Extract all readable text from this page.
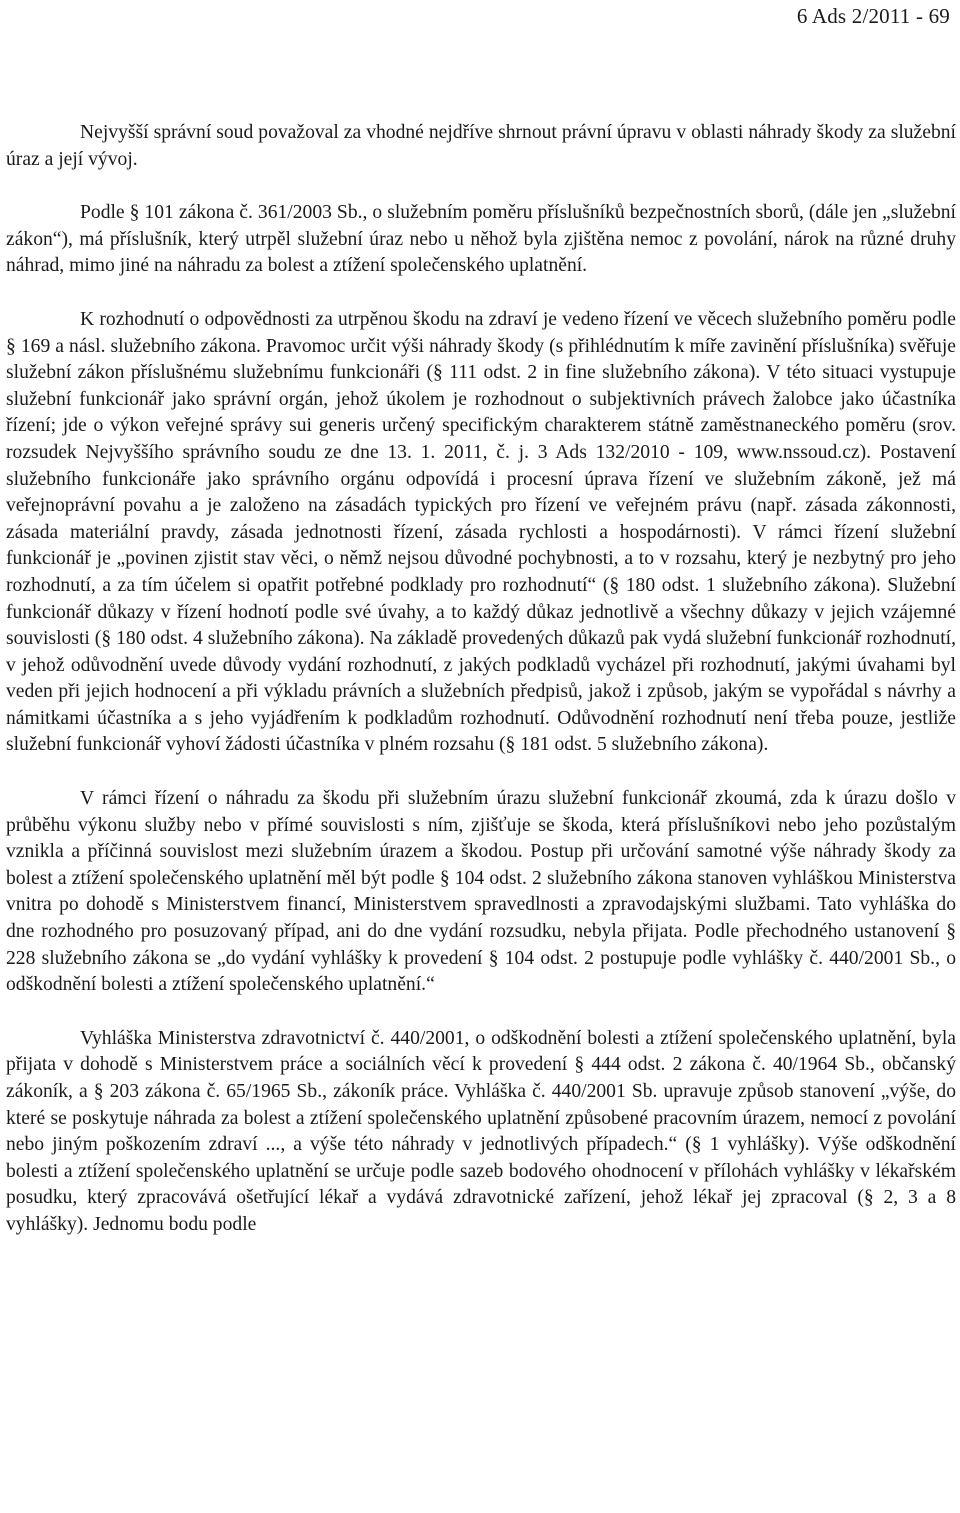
6 Ads 2/2011 - 69

Nejvyšší správní soud považoval za vhodné nejdříve shrnout právní úpravu v oblasti náhrady škody za služební úraz a její vývoj.

Podle § 101 zákona č. 361/2003 Sb., o služebním poměru příslušníků bezpečnostních sborů, (dále jen „služební zákon“), má příslušník, který utrpěl služební úraz nebo u něhož byla zjištěna nemoc z povolání, nárok na různé druhy náhrad, mimo jiné na náhradu za bolest a ztížení společenského uplatnění.

K rozhodnutí o odpovědnosti za utrpěnou škodu na zdraví je vedeno řízení ve věcech služebního poměru podle § 169 a násl. služebního zákona. Pravomoc určit výši náhrady škody (s přihlédnutím k míře zavinění příslušníka) svěřuje služební zákon příslušnému služebnímu funkcionáři (§ 111 odst. 2 in fine služebního zákona). V této situaci vystupuje služební funkcionář jako správní orgán, jehož úkolem je rozhodnout o subjektivních právech žalobce jako účastníka řízení; jde o výkon veřejné správy sui generis určený specifickým charakterem státně zaměstnaneckého poměru (srov. rozsudek Nejvyššího správního soudu ze dne 13. 1. 2011, č. j. 3 Ads 132/2010 - 109, www.nssoud.cz). Postavení služebního funkcionáře jako správního orgánu odpovídá i procesní úprava řízení ve služebním zákoně, jež má veřejnoprávní povahu a je založeno na zásadách typických pro řízení ve veřejném právu (např. zásada zákonnosti, zásada materiální pravdy, zásada jednotnosti řízení, zásada rychlosti a hospodárnosti). V rámci řízení služební funkcionář je „povinen zjistit stav věci, o němž nejsou důvodné pochybnosti, a to v rozsahu, který je nezbytný pro jeho rozhodnutí, a za tím účelem si opatřit potřebné podklady pro rozhodnutí“ (§ 180 odst. 1 služebního zákona). Služební funkcionář důkazy v řízení hodnotí podle své úvahy, a to každý důkaz jednotlivě a všechny důkazy v jejich vzájemné souvislosti (§ 180 odst. 4 služebního zákona). Na základě provedených důkazů pak vydá služební funkcionář rozhodnutí, v jehož odůvodnění uvede důvody vydání rozhodnutí, z jakých podkladů vycházel při rozhodnutí, jakými úvahami byl veden při jejich hodnocení a při výkladu právních a služebních předpisů, jakož i způsob, jakým se vypořádal s návrhy a námitkami účastníka a s jeho vyjádřením k podkladům rozhodnutí. Odůvodnění rozhodnutí není třeba pouze, jestliže služební funkcionář vyhoví žádosti účastníka v plném rozsahu (§ 181 odst. 5 služebního zákona).

V rámci řízení o náhradu za škodu při služebním úrazu služební funkcionář zkoumá, zda k úrazu došlo v průběhu výkonu služby nebo v přímé souvislosti s ním, zjišťuje se škoda, která příslušníkovi nebo jeho pozůstalým vznikla a příčinná souvislost mezi služebním úrazem a škodou. Postup při určování samotné výše náhrady škody za bolest a ztížení společenského uplatnění měl být podle § 104 odst. 2 služebního zákona stanoven vyhláškou Ministerstva vnitra po dohodě s Ministerstvem financí, Ministerstvem spravedlnosti a zpravodajskými službami. Tato vyhláška do dne rozhodného pro posuzovaný případ, ani do dne vydání rozsudku, nebyla přijata. Podle přechodného ustanovení § 228 služebního zákona se „do vydání vyhlášky k provedení § 104 odst. 2 postupuje podle vyhlášky č. 440/2001 Sb., o odškodnění bolesti a ztížení společenského uplatnění.“

Vyhláška Ministerstva zdravotnictví č. 440/2001, o odškodnění bolesti a ztížení společenského uplatnění, byla přijata v dohodě s Ministerstvem práce a sociálních věcí k provedení § 444 odst. 2 zákona č. 40/1964 Sb., občanský zákoník, a § 203 zákona č. 65/1965 Sb., zákoník práce. Vyhláška č. 440/2001 Sb. upravuje způsob stanovení „výše, do které se poskytuje náhrada za bolest a ztížení společenského uplatnění způsobené pracovním úrazem, nemocí z povolání nebo jiným poškozením zdraví ..., a výše této náhrady v jednotlivých případech.“ (§ 1 vyhlášky). Výše odškodnění bolesti a ztížení společenského uplatnění se určuje podle sazeb bodového ohodnocení v přílohách vyhlášky v lékařském posudku, který zpracovává ošetřující lékař a vydává zdravotnické zařízení, jehož lékař jej zpracoval (§ 2, 3 a 8 vyhlášky). Jednomu bodu podle
